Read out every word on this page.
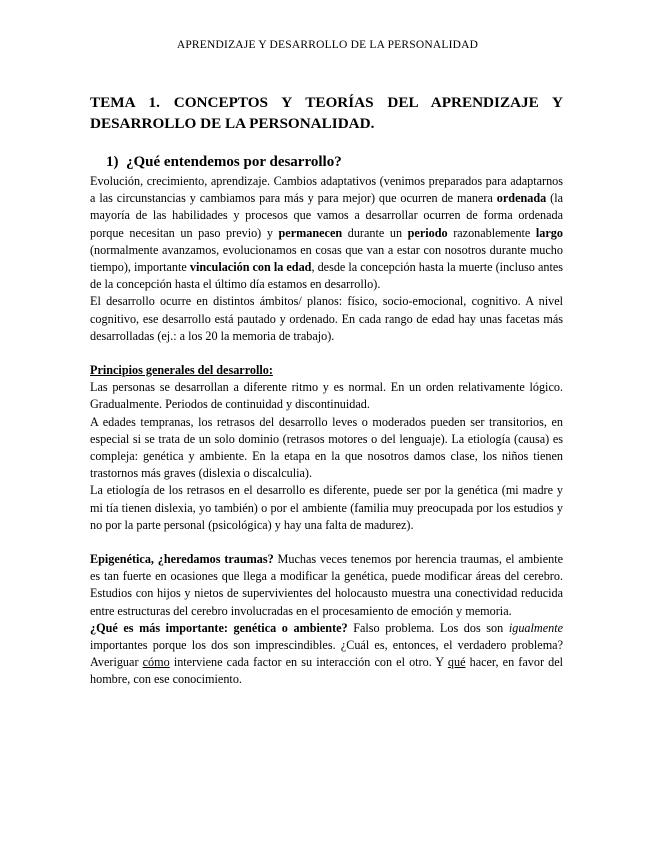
APRENDIZAJE Y DESARROLLO DE LA PERSONALIDAD
TEMA 1. CONCEPTOS Y TEORÍAS DEL APRENDIZAJE Y
DESARROLLO DE LA PERSONALIDAD.
1) ¿Qué entendemos por desarrollo?

Evolución, crecimiento, aprendizaje. Cambios adaptativos (venimos preparados para adaptarnos a las circunstancias y cambiamos para más y para mejor) que ocurren de manera ordenada (la mayoría de las habilidades y procesos que vamos a desarrollar ocurren de forma ordenada porque necesitan un paso previo) y permanecen durante un periodo razonablemente largo (normalmente avanzamos, evolucionamos en cosas que van a estar con nosotros durante mucho tiempo), importante vinculación con la edad, desde la concepción hasta la muerte (incluso antes de la concepción hasta el último día estamos en desarrollo).

El desarrollo ocurre en distintos ámbitos/ planos: físico, socio-emocional, cognitivo. A nivel cognitivo, ese desarrollo está pautado y ordenado. En cada rango de edad hay unas facetas más desarrolladas (ej.: a los 20 la memoria de trabajo).

Principios generales del desarrollo:

Las personas se desarrollan a diferente ritmo y es normal. En un orden relativamente lógico. Gradualmente. Periodos de continuidad y discontinuidad.

A edades tempranas, los retrasos del desarrollo leves o moderados pueden ser transitorios, en especial si se trata de un solo dominio (retrasos motores o del lenguaje). La etiología (causa) es compleja: genética y ambiente. En la etapa en la que nosotros damos clase, los niños tienen trastornos más graves (dislexia o discalculia).

La etiología de los retrasos en el desarrollo es diferente, puede ser por la genética (mi madre y mi tía tienen dislexia, yo también) o por el ambiente (familia muy preocupada por los estudios y no por la parte personal (psicológica) y hay una falta de madurez).

Epigenética, ¿heredamos traumas? Muchas veces tenemos por herencia traumas, el ambiente es tan fuerte en ocasiones que llega a modificar la genética, puede modificar áreas del cerebro. Estudios con hijos y nietos de supervivientes del holocausto muestra una conectividad reducida entre estructuras del cerebro involucradas en el procesamiento de emoción y memoria.

¿Qué es más importante: genética o ambiente? Falso problema. Los dos son igualmente importantes porque los dos son imprescindibles. ¿Cuál es, entonces, el verdadero problema? Averiguar cómo interviene cada factor en su interacción con el otro. Y qué hacer, en favor del hombre, con ese conocimiento.
